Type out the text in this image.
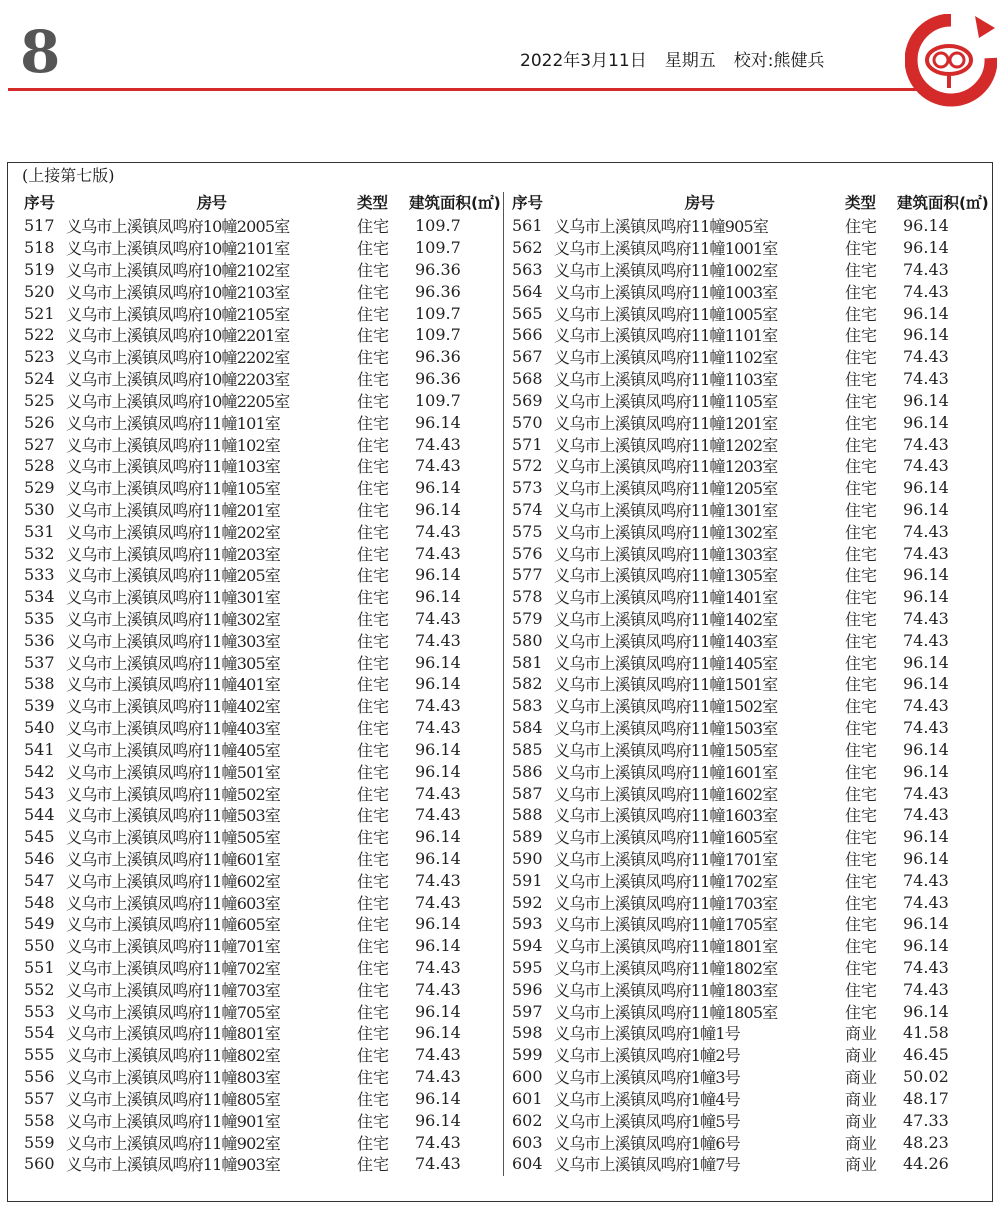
8	2022年3月11日 星期五 校对:熊健兵
(上接第七版)
序号	房号	类型	建筑面积(㎡)
517 义乌市上溪镇凤鸣府10幢2005室	住宅	109.7
518 义乌市上溪镇凤鸣府10幢2101室	住宅	109.7
519 义乌市上溪镇凤鸣府10幢2102室	住宅	96.36
520 义乌市上溪镇凤鸣府10幢2103室	住宅	96.36
521 义乌市上溪镇凤鸣府10幢2105室	住宅	109.7
522 义乌市上溪镇凤鸣府10幢2201室	住宅	109.7
523 义乌市上溪镇凤鸣府10幢2202室	住宅	96.36
524 义乌市上溪镇凤鸣府10幢2203室	住宅	96.36
525 义乌市上溪镇凤鸣府10幢2205室	住宅	109.7
526 义乌市上溪镇凤鸣府11幢101室	住宅	96.14
527 义乌市上溪镇凤鸣府11幢102室	住宅	74.43
528 义乌市上溪镇凤鸣府11幢103室	住宅	74.43
529 义乌市上溪镇凤鸣府11幢105室	住宅	96.14
530 义乌市上溪镇凤鸣府11幢201室	住宅	96.14
531 义乌市上溪镇凤鸣府11幢202室	住宅	74.43
532 义乌市上溪镇凤鸣府11幢203室	住宅	74.43
533 义乌市上溪镇凤鸣府11幢205室	住宅	96.14
534 义乌市上溪镇凤鸣府11幢301室	住宅	96.14
535 义乌市上溪镇凤鸣府11幢302室	住宅	74.43
536 义乌市上溪镇凤鸣府11幢303室	住宅	74.43
537 义乌市上溪镇凤鸣府11幢305室	住宅	96.14
538 义乌市上溪镇凤鸣府11幢401室	住宅	96.14
539 义乌市上溪镇凤鸣府11幢402室	住宅	74.43
540 义乌市上溪镇凤鸣府11幢403室	住宅	74.43
541 义乌市上溪镇凤鸣府11幢405室	住宅	96.14
542 义乌市上溪镇凤鸣府11幢501室	住宅	96.14
543 义乌市上溪镇凤鸣府11幢502室	住宅	74.43
544 义乌市上溪镇凤鸣府11幢503室	住宅	74.43
545 义乌市上溪镇凤鸣府11幢505室	住宅	96.14
546 义乌市上溪镇凤鸣府11幢601室	住宅	96.14
547 义乌市上溪镇凤鸣府11幢602室	住宅	74.43
548 义乌市上溪镇凤鸣府11幢603室	住宅	74.43
549 义乌市上溪镇凤鸣府11幢605室	住宅	96.14
550 义乌市上溪镇凤鸣府11幢701室	住宅	96.14
551 义乌市上溪镇凤鸣府11幢702室	住宅	74.43
552 义乌市上溪镇凤鸣府11幢703室	住宅	74.43
553 义乌市上溪镇凤鸣府11幢705室	住宅	96.14
554 义乌市上溪镇凤鸣府11幢801室	住宅	96.14
555 义乌市上溪镇凤鸣府11幢802室	住宅	74.43
556 义乌市上溪镇凤鸣府11幢803室	住宅	74.43
557 义乌市上溪镇凤鸣府11幢805室	住宅	96.14
558 义乌市上溪镇凤鸣府11幢901室	住宅	96.14
559 义乌市上溪镇凤鸣府11幢902室	住宅	74.43
560 义乌市上溪镇凤鸣府11幢903室	住宅	74.43
序号	房号	类型	建筑面积(㎡)
561 义乌市上溪镇凤鸣府11幢905室	住宅	96.14
562 义乌市上溪镇凤鸣府11幢1001室	住宅	96.14
563 义乌市上溪镇凤鸣府11幢1002室	住宅	74.43
564 义乌市上溪镇凤鸣府11幢1003室	住宅	74.43
565 义乌市上溪镇凤鸣府11幢1005室	住宅	96.14
566 义乌市上溪镇凤鸣府11幢1101室	住宅	96.14
567 义乌市上溪镇凤鸣府11幢1102室	住宅	74.43
568 义乌市上溪镇凤鸣府11幢1103室	住宅	74.43
569 义乌市上溪镇凤鸣府11幢1105室	住宅	96.14
570 义乌市上溪镇凤鸣府11幢1201室	住宅	96.14
571 义乌市上溪镇凤鸣府11幢1202室	住宅	74.43
572 义乌市上溪镇凤鸣府11幢1203室	住宅	74.43
573 义乌市上溪镇凤鸣府11幢1205室	住宅	96.14
574 义乌市上溪镇凤鸣府11幢1301室	住宅	96.14
575 义乌市上溪镇凤鸣府11幢1302室	住宅	74.43
576 义乌市上溪镇凤鸣府11幢1303室	住宅	74.43
577 义乌市上溪镇凤鸣府11幢1305室	住宅	96.14
578 义乌市上溪镇凤鸣府11幢1401室	住宅	96.14
579 义乌市上溪镇凤鸣府11幢1402室	住宅	74.43
580 义乌市上溪镇凤鸣府11幢1403室	住宅	74.43
581 义乌市上溪镇凤鸣府11幢1405室	住宅	96.14
582 义乌市上溪镇凤鸣府11幢1501室	住宅	96.14
583 义乌市上溪镇凤鸣府11幢1502室	住宅	74.43
584 义乌市上溪镇凤鸣府11幢1503室	住宅	74.43
585 义乌市上溪镇凤鸣府11幢1505室	住宅	96.14
586 义乌市上溪镇凤鸣府11幢1601室	住宅	96.14
587 义乌市上溪镇凤鸣府11幢1602室	住宅	74.43
588 义乌市上溪镇凤鸣府11幢1603室	住宅	74.43
589 义乌市上溪镇凤鸣府11幢1605室	住宅	96.14
590 义乌市上溪镇凤鸣府11幢1701室	住宅	96.14
591 义乌市上溪镇凤鸣府11幢1702室	住宅	74.43
592 义乌市上溪镇凤鸣府11幢1703室	住宅	74.43
593 义乌市上溪镇凤鸣府11幢1705室	住宅	96.14
594 义乌市上溪镇凤鸣府11幢1801室	住宅	96.14
595 义乌市上溪镇凤鸣府11幢1802室	住宅	74.43
596 义乌市上溪镇凤鸣府11幢1803室	住宅	74.43
597 义乌市上溪镇凤鸣府11幢1805室	住宅	96.14
598 义乌市上溪镇凤鸣府1幢1号	商业	41.58
599 义乌市上溪镇凤鸣府1幢2号	商业	46.45
600 义乌市上溪镇凤鸣府1幢3号	商业	50.02
601 义乌市上溪镇凤鸣府1幢4号	商业	48.17
602 义乌市上溪镇凤鸣府1幢5号	商业	47.33
603 义乌市上溪镇凤鸣府1幢6号	商业	48.23
604 义乌市上溪镇凤鸣府1幢7号	商业	44.26
